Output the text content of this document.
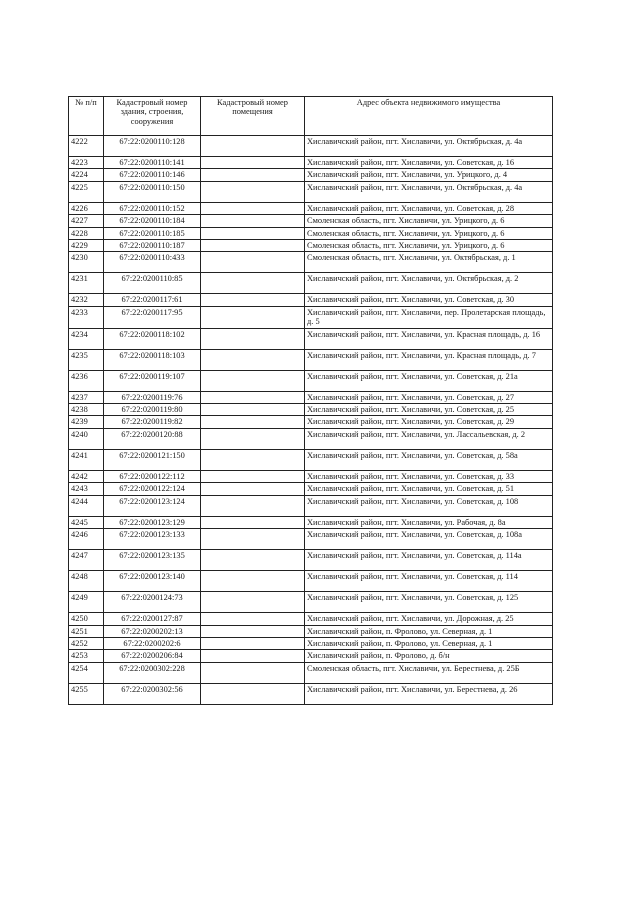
№ п/п	Кадастровый номер здания, строения, сооружения	Кадастровый номер помещения	Адрес объекта недвижимого имущества
4222	67:22:0200110:128		Хиславичский район, пгт. Хиславичи, ул. Октябрьская, д. 4а
4223	67:22:0200110:141		Хиславичский район, пгт. Хиславичи, ул. Советская, д. 16
4224	67:22:0200110:146		Хиславичский район, пгт. Хиславичи, ул. Урицкого, д. 4
4225	67:22:0200110:150		Хиславичский район, пгт. Хиславичи, ул. Октябрьская, д. 4а
4226	67:22:0200110:152		Хиславичский район, пгт. Хиславичи, ул. Советская, д. 28
4227	67:22:0200110:184		Смоленская область, пгт. Хиславичи, ул. Урицкого, д. 6
4228	67:22:0200110:185		Смоленская область, пгт. Хиславичи, ул. Урицкого, д. 6
4229	67:22:0200110:187		Смоленская область, пгт. Хиславичи, ул. Урицкого, д. 6
4230	67:22:0200110:433		Смоленская область, пгт. Хиславичи, ул. Октябрьская, д. 1
4231	67:22:0200110:85		Хиславичский район, пгт. Хиславичи, ул. Октябрьская, д. 2
4232	67:22:0200117:61		Хиславичский район, пгт. Хиславичи, ул. Советская, д. 30
4233	67:22:0200117:95		Хиславичский район, пгт. Хиславичи, пер. Пролетарская площадь, д. 5
4234	67:22:0200118:102		Хиславичский район, пгт. Хиславичи, ул. Красная площадь, д. 16
4235	67:22:0200118:103		Хиславичский район, пгт. Хиславичи, ул. Красная площадь, д. 7
4236	67:22:0200119:107		Хиславичский район, пгт. Хиславичи, ул. Советская, д. 21а
4237	67:22:0200119:76		Хиславичский район, пгт. Хиславичи, ул. Советская, д. 27
4238	67:22:0200119:80		Хиславичский район, пгт. Хиславичи, ул. Советская, д. 25
4239	67:22:0200119:82		Хиславичский район, пгт. Хиславичи, ул. Советская, д. 29
4240	67:22:0200120:88		Хиславичский район, пгт. Хиславичи, ул. Лассальевская, д. 2
4241	67:22:0200121:150		Хиславичский район, пгт. Хиславичи, ул. Советская, д. 58а
4242	67:22:0200122:112		Хиславичский район, пгт. Хиславичи, ул. Советская, д. 33
4243	67:22:0200122:124		Хиславичский район, пгт. Хиславичи, ул. Советская, д. 51
4244	67:22:0200123:124		Хиславичский район, пгт. Хиславичи, ул. Советская, д. 108
4245	67:22:0200123:129		Хиславичский район, пгт. Хиславичи, ул. Рабочая, д. 8а
4246	67:22:0200123:133		Хиславичский район, пгт. Хиславичи, ул. Советская, д. 108а
4247	67:22:0200123:135		Хиславичский район, пгт. Хиславичи, ул. Советская, д. 114а
4248	67:22:0200123:140		Хиславичский район, пгт. Хиславичи, ул. Советская, д. 114
4249	67:22:0200124:73		Хиславичский район, пгт. Хиславичи, ул. Советская, д. 125
4250	67:22:0200127:87		Хиславичский район, пгт. Хиславичи, ул. Дорожная, д. 25
4251	67:22:0200202:13		Хиславичский район, п. Фролово, ул. Северная, д. 1
4252	67:22:0200202:6		Хиславичский район, п. Фролово, ул. Северная, д. 1
4253	67:22:0200206:84		Хиславичский район, п. Фролово, д. б/н
4254	67:22:0200302:228		Смоленская область, пгт. Хиславичи, ул. Берестнева, д. 25Б
4255	67:22:0200302:56		Хиславичский район, пгт. Хиславичи, ул. Берестнева, д. 26
